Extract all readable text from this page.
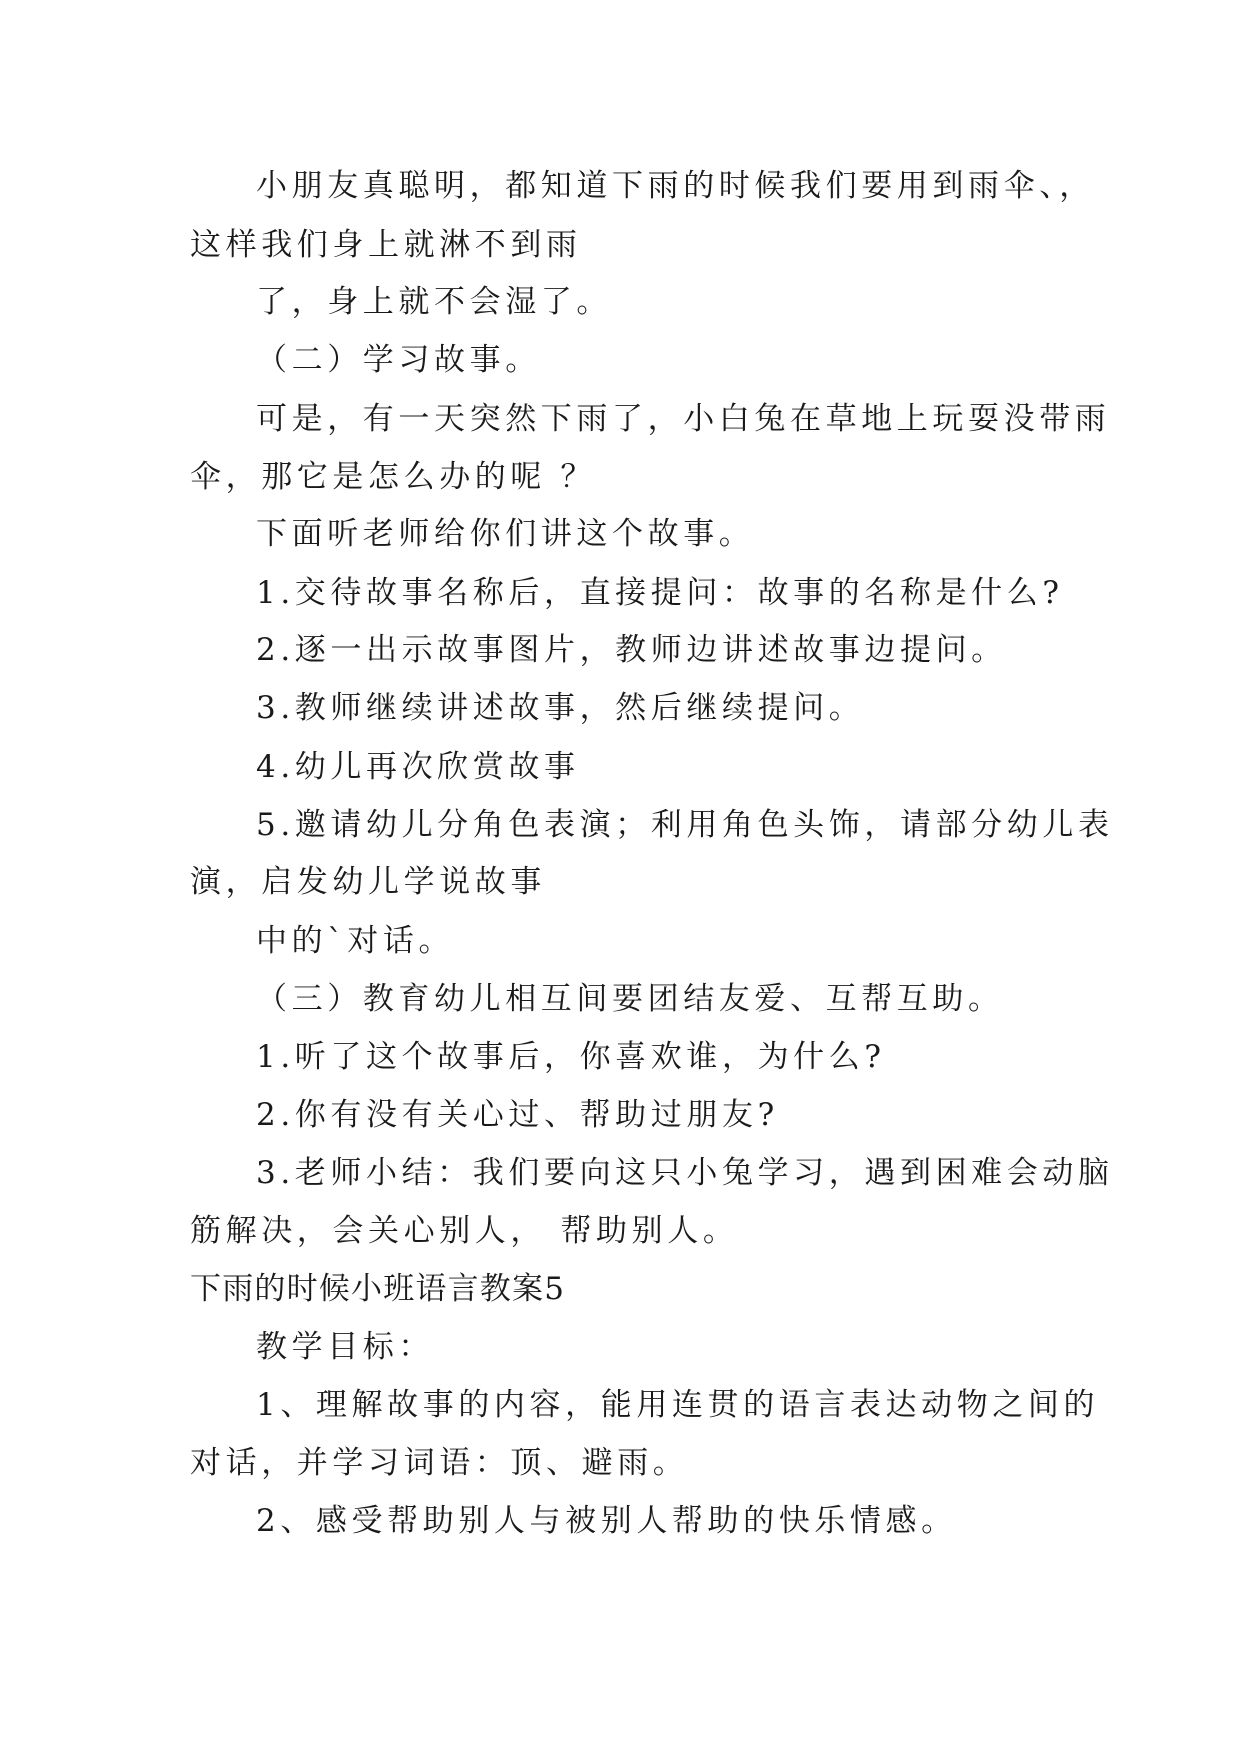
小朋友真聪明，都知道下雨的时候我们要用到雨伞、，
这样我们身上就淋不到雨
了，身上就不会湿了。
（二）学习故事。
可是，有一天突然下雨了，小白兔在草地上玩耍没带雨
伞，那它是怎么办的呢 ？
下面听老师给你们讲这个故事。
1.交待故事名称后，直接提问：故事的名称是什么?
2.逐一出示故事图片，教师边讲述故事边提问。
3.教师继续讲述故事，然后继续提问。
4.幼儿再次欣赏故事
5.邀请幼儿分角色表演；利用角色头饰，请部分幼儿表
演，启发幼儿学说故事
中的`对话。
（三）教育幼儿相互间要团结友爱、互帮互助。
1.听了这个故事后，你喜欢谁，为什么?
2.你有没有关心过、帮助过朋友?
3.老师小结：我们要向这只小兔学习，遇到困难会动脑
筋解决，会关心别人， 帮助别人。
下雨的时候小班语言教案5
教学目标：
1、理解故事的内容，能用连贯的语言表达动物之间的
对话，并学习词语：顶、避雨。
2、感受帮助别人与被别人帮助的快乐情感。
